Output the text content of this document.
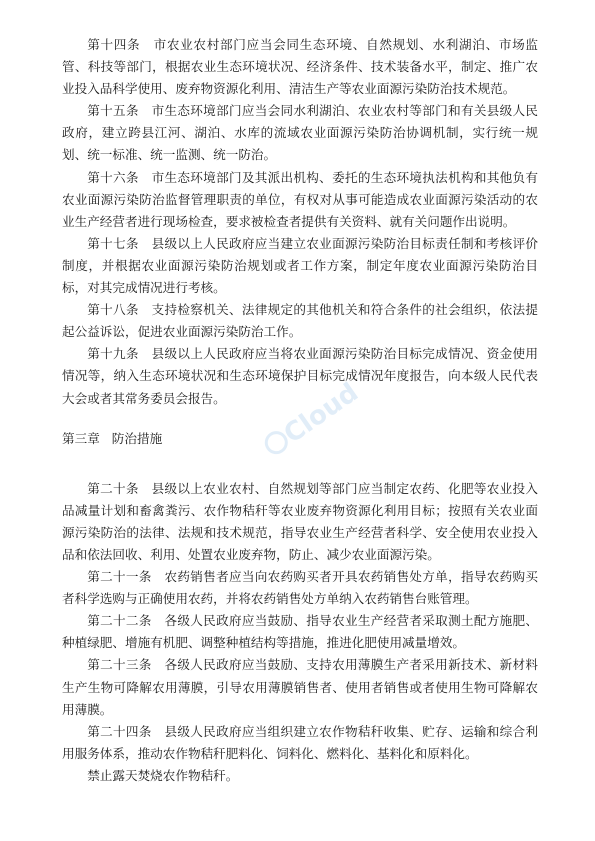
第十四条　市农业农村部门应当会同生态环境、自然规划、水利湖泊、市场监管、科技等部门，根据农业生态环境状况、经济条件、技术装备水平，制定、推广农业投入品科学使用、废弃物资源化利用、清洁生产等农业面源污染防治技术规范。

第十五条　市生态环境部门应当会同水利湖泊、农业农村等部门和有关县级人民政府，建立跨县江河、湖泊、水库的流域农业面源污染防治协调机制，实行统一规划、统一标准、统一监测、统一防治。

第十六条　市生态环境部门及其派出机构、委托的生态环境执法机构和其他负有农业面源污染防治监督管理职责的单位，有权对从事可能造成农业面源污染活动的农业生产经营者进行现场检查，要求被检查者提供有关资料、就有关问题作出说明。

第十七条　县级以上人民政府应当建立农业面源污染防治目标责任制和考核评价制度，并根据农业面源污染防治规划或者工作方案，制定年度农业面源污染防治目标，对其完成情况进行考核。

第十八条　支持检察机关、法律规定的其他机关和符合条件的社会组织，依法提起公益诉讼，促进农业面源污染防治工作。

第十九条　县级以上人民政府应当将农业面源污染防治目标完成情况、资金使用情况等，纳入生态环境状况和生态环境保护目标完成情况年度报告，向本级人民代表大会或者其常务委员会报告。

第三章 防治措施

第二十条　县级以上农业农村、自然规划等部门应当制定农药、化肥等农业投入品减量计划和畜禽粪污、农作物秸秆等农业废弃物资源化利用目标；按照有关农业面源污染防治的法律、法规和技术规范，指导农业生产经营者科学、安全使用农业投入品和依法回收、利用、处置农业废弃物，防止、减少农业面源污染。

第二十一条　农药销售者应当向农药购买者开具农药销售处方单，指导农药购买者科学选购与正确使用农药，并将农药销售处方单纳入农药销售台账管理。

第二十二条　各级人民政府应当鼓励、指导农业生产经营者采取测土配方施肥、种植绿肥、增施有机肥、调整种植结构等措施，推进化肥使用减量增效。

第二十三条　各级人民政府应当鼓励、支持农用薄膜生产者采用新技术、新材料生产生物可降解农用薄膜，引导农用薄膜销售者、使用者销售或者使用生物可降解农用薄膜。

第二十四条　县级人民政府应当组织建立农作物秸秆收集、贮存、运输和综合利用服务体系，推动农作物秸秆肥料化、饲料化、燃料化、基料化和原料化。

禁止露天焚烧农作物秸秆。

Cloud
